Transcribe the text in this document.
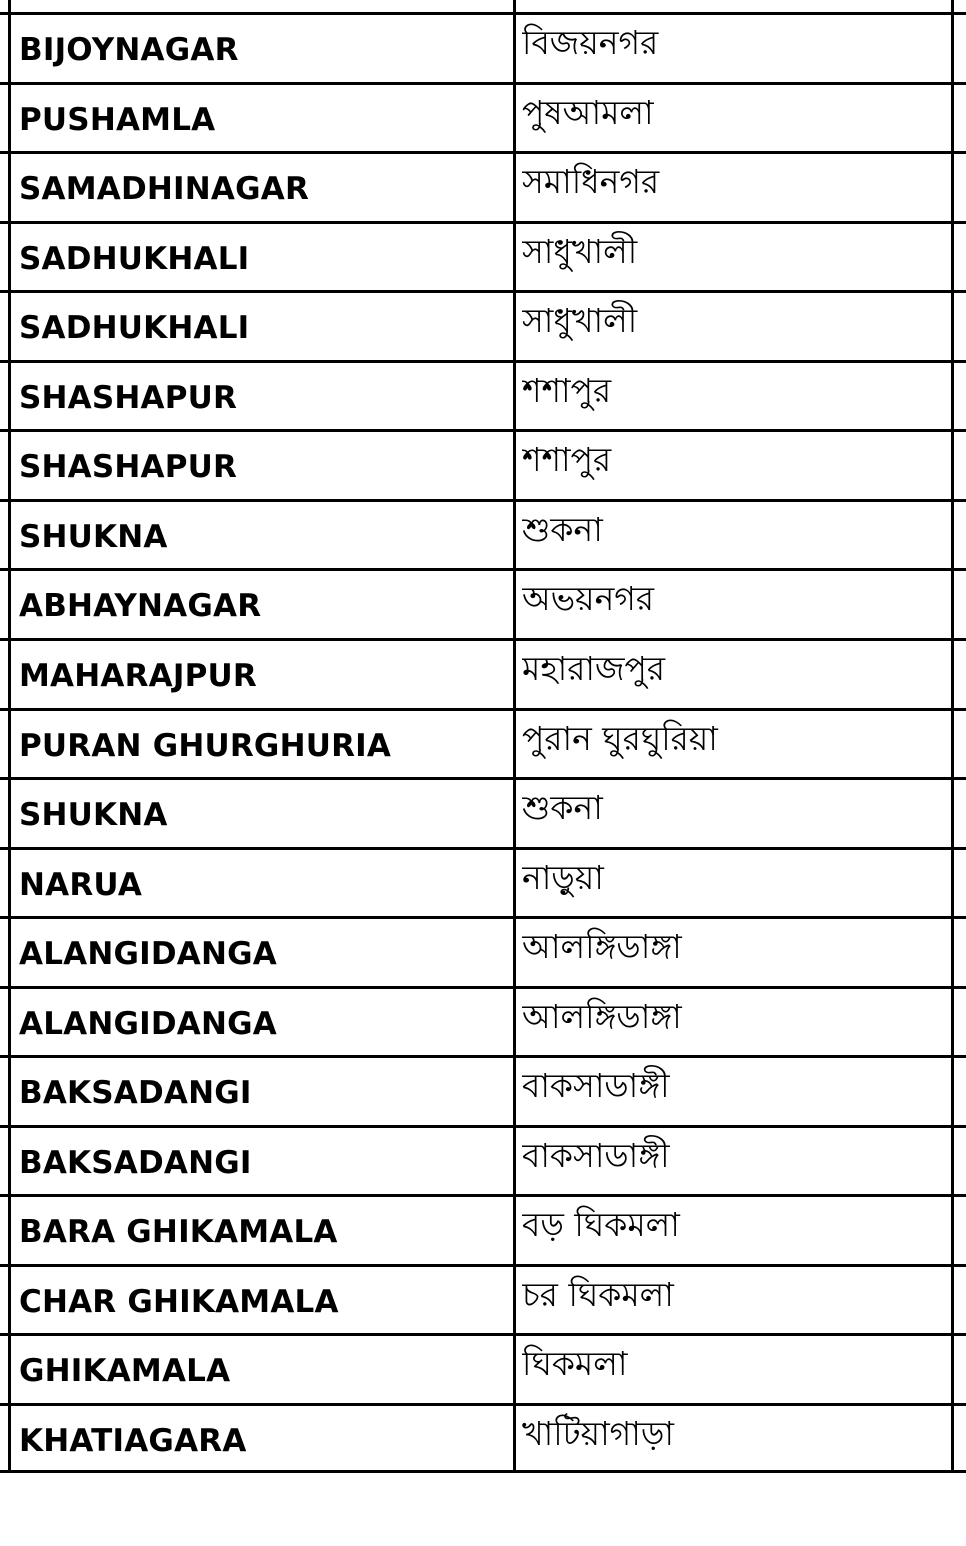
BIJOYNAGAR	বিজয়নগর
PUSHAMLA	পুষআমলা
SAMADHINAGAR	সমাধিনগর
SADHUKHALI	সাধুখালী
SADHUKHALI	সাধুখালী
SHASHAPUR	শশাপুর
SHASHAPUR	শশাপুর
SHUKNA	শুকনা
ABHAYNAGAR	অভয়নগর
MAHARAJPUR	মহারাজপুর
PURAN GHURGHURIA	পুরান ঘুরঘুরিয়া
SHUKNA	শুকনা
NARUA	নাড়ুয়া
ALANGIDANGA	আলঙ্গিডাঙ্গা
ALANGIDANGA	আলঙ্গিডাঙ্গা
BAKSADANGI	বাকসাডাঙ্গী
BAKSADANGI	বাকসাডাঙ্গী
BARA GHIKAMALA	বড় ঘিকমলা
CHAR GHIKAMALA	চর ঘিকমলা
GHIKAMALA	ঘিকমলা
KHATIAGARA	খাটিয়াগাড়া
